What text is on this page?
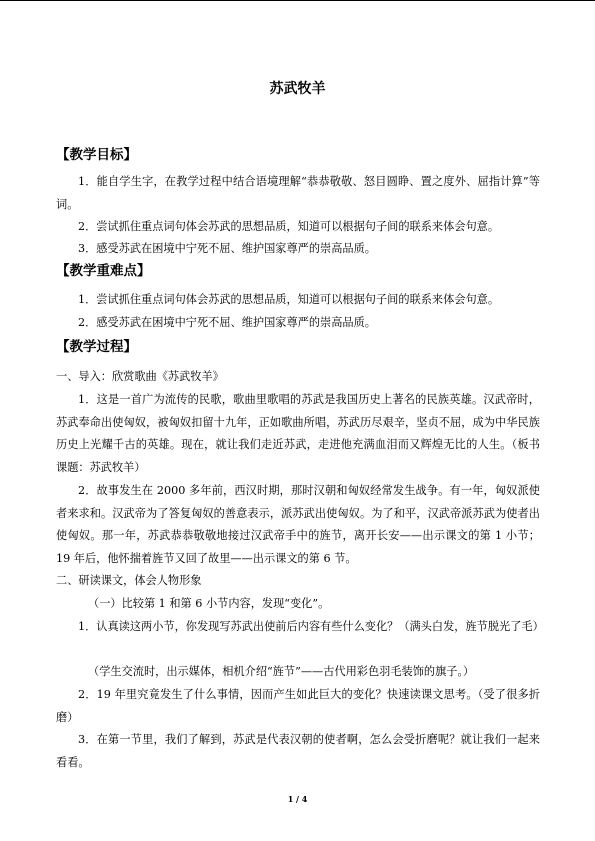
苏武牧羊
【教学目标】
1．能自学生字，在教学过程中结合语境理解“恭恭敬敬、怒目圆睁、置之度外、屈指计算”等词。
2．尝试抓住重点词句体会苏武的思想品质，知道可以根据句子间的联系来体会句意。
3．感受苏武在困境中宁死不屈、维护国家尊严的崇高品质。
【教学重难点】
1．尝试抓住重点词句体会苏武的思想品质，知道可以根据句子间的联系来体会句意。
2．感受苏武在困境中宁死不屈、维护国家尊严的崇高品质。
【教学过程】
一、导入：欣赏歌曲《苏武牧羊》
1．这是一首广为流传的民歌，歌曲里歌唱的苏武是我国历史上著名的民族英雄。汉武帝时，苏武奉命出使匈奴，被匈奴扣留十九年，正如歌曲所唱，苏武历尽艰辛，坚贞不屈，成为中华民族历史上光耀千古的英雄。现在，就让我们走近苏武，走进他充满血泪而又辉煌无比的人生。（板书课题：苏武牧羊）
2．故事发生在 2000 多年前，西汉时期，那时汉朝和匈奴经常发生战争。有一年，匈奴派使者来求和。汉武帝为了答复匈奴的善意表示，派苏武出使匈奴。为了和平，汉武帝派苏武为使者出使匈奴。那一年，苏武恭恭敬敬地接过汉武帝手中的旌节，离开长安——出示课文的第 1 小节；19 年后，他怀揣着旌节又回了故里——出示课文的第 6 节。
二、研读课文，体会人物形象
（一）比较第 1 和第 6 小节内容，发现“变化”。
1．认真读这两小节，你发现写苏武出使前后内容有些什么变化？（满头白发，旌节脱光了毛）
（学生交流时，出示媒体，相机介绍“旌节”——古代用彩色羽毛装饰的旗子。）
2．19 年里究竟发生了什么事情，因而产生如此巨大的变化？快速读课文思考。（受了很多折磨）
3．在第一节里，我们了解到，苏武是代表汉朝的使者啊，怎么会受折磨呢？就让我们一起来看看。
1 / 4
